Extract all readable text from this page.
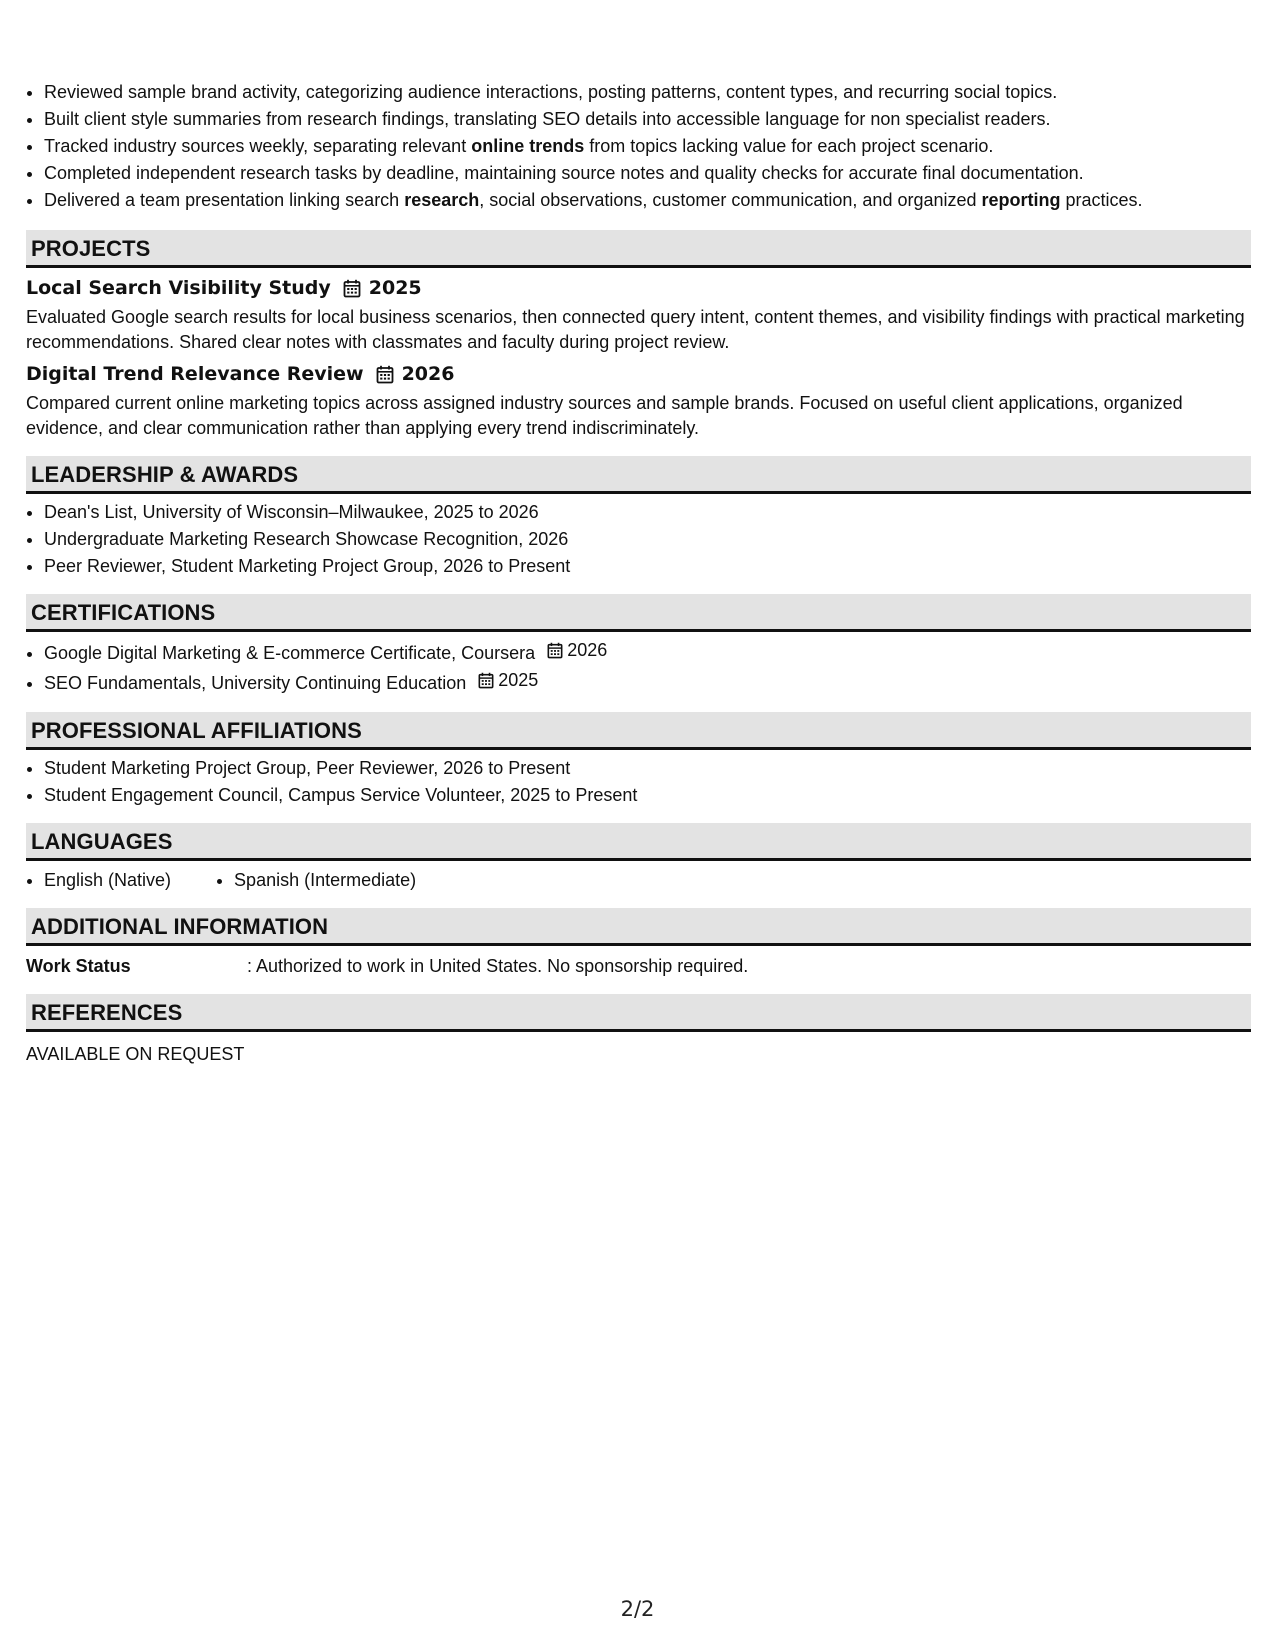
• Reviewed sample brand activity, categorizing audience interactions, posting patterns, content types, and recurring social topics.
• Built client style summaries from research findings, translating SEO details into accessible language for non specialist readers.
• Tracked industry sources weekly, separating relevant online trends from topics lacking value for each project scenario.
• Completed independent research tasks by deadline, maintaining source notes and quality checks for accurate final documentation.
• Delivered a team presentation linking search research, social observations, customer communication, and organized reporting practices.
PROJECTS
Local Search Visibility Study 2025
Evaluated Google search results for local business scenarios, then connected query intent, content themes, and visibility findings with practical marketing recommendations. Shared clear notes with classmates and faculty during project review.
Digital Trend Relevance Review 2026
Compared current online marketing topics across assigned industry sources and sample brands. Focused on useful client applications, organized evidence, and clear communication rather than applying every trend indiscriminately.
LEADERSHIP & AWARDS
• Dean's List, University of Wisconsin–Milwaukee, 2025 to 2026
• Undergraduate Marketing Research Showcase Recognition, 2026
• Peer Reviewer, Student Marketing Project Group, 2026 to Present
CERTIFICATIONS
• Google Digital Marketing & E-commerce Certificate, Coursera 2026
• SEO Fundamentals, University Continuing Education 2025
PROFESSIONAL AFFILIATIONS
• Student Marketing Project Group, Peer Reviewer, 2026 to Present
• Student Engagement Council, Campus Service Volunteer, 2025 to Present
LANGUAGES
• English (Native)
•	Spanish (Intermediate)
ADDITIONAL INFORMATION
Work Status	: Authorized to work in United States. No sponsorship required.
REFERENCES
AVAILABLE ON REQUEST
2/2
